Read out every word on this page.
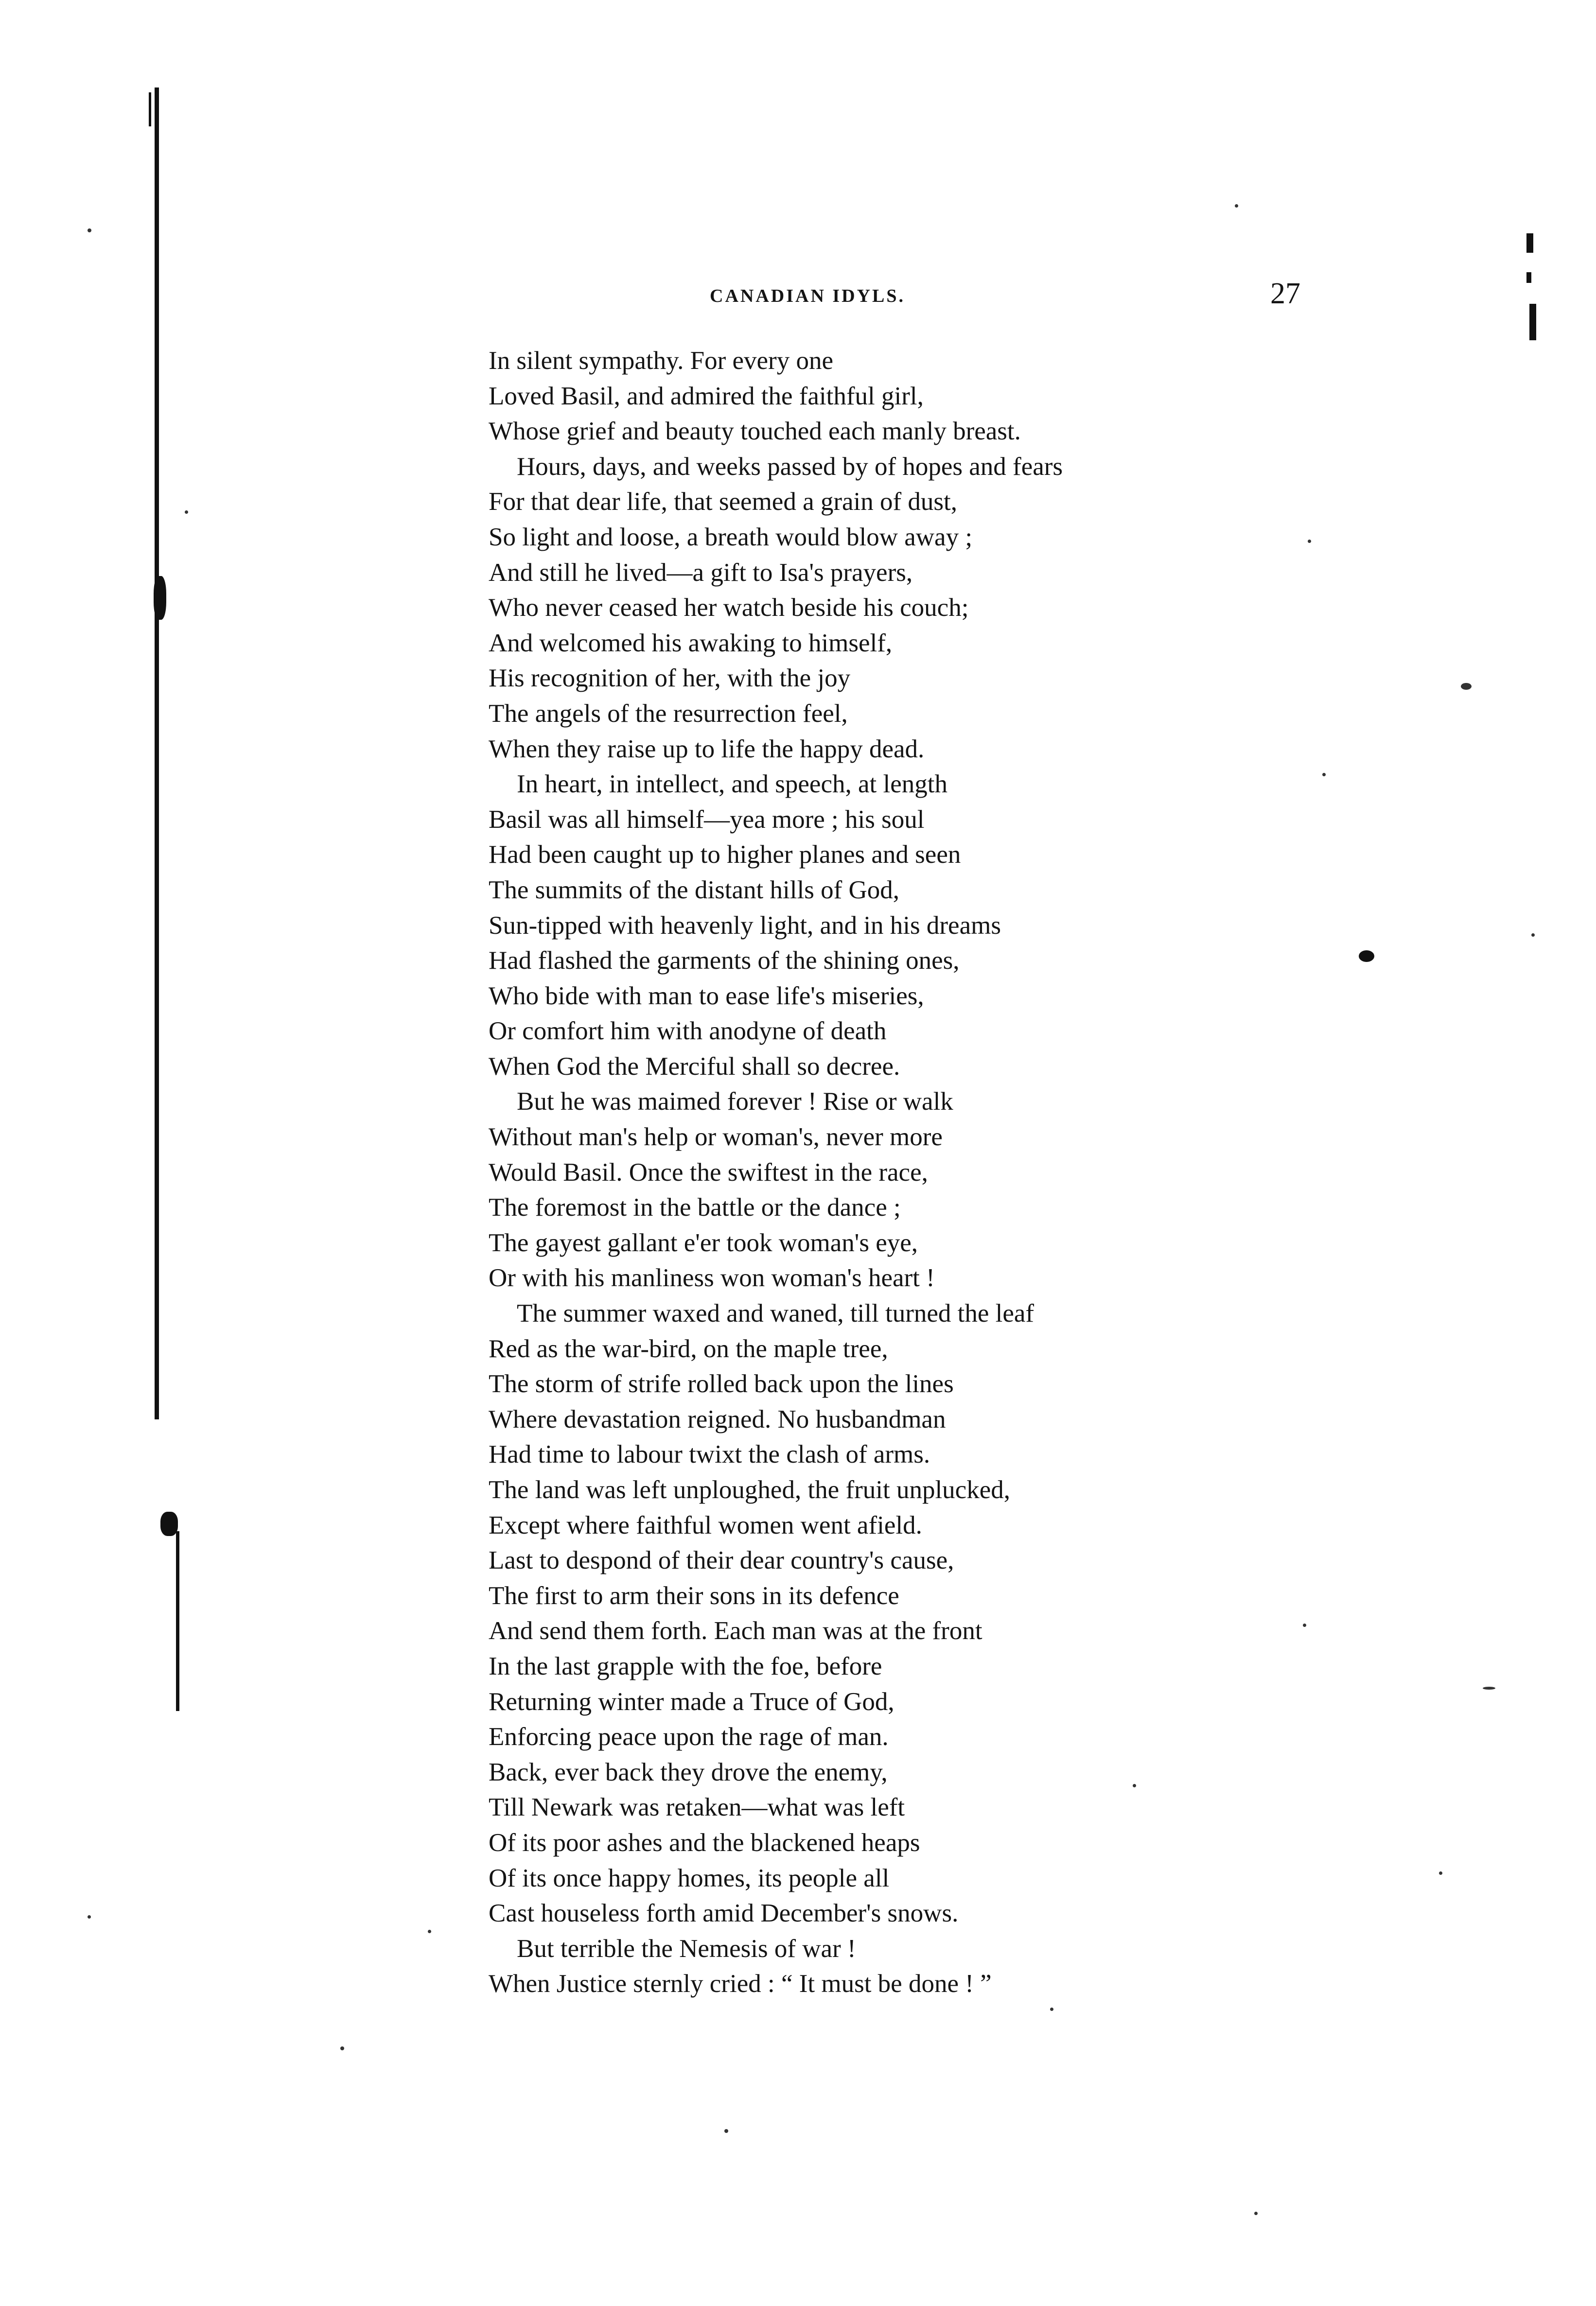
CANADIAN IDYLS.	27
In silent sympathy. For every one
Loved Basil, and admired the faithful girl,
Whose grief and beauty touched each manly breast.
Hours, days, and weeks passed by of hopes and fears
For that dear life, that seemed a grain of dust,
So light and loose, a breath would blow away ;
And still he lived—a gift to Isa's prayers,
Who never ceased her watch beside his couch;
And welcomed his awaking to himself,
His recognition of her, with the joy
The angels of the resurrection feel,
When they raise up to life the happy dead.
In heart, in intellect, and speech, at length
Basil was all himself—yea more ; his soul
Had been caught up to higher planes and seen
The summits of the distant hills of God,
Sun-tipped with heavenly light, and in his dreams
Had flashed the garments of the shining ones,
Who bide with man to ease life's miseries,
Or comfort him with anodyne of death
When God the Merciful shall so decree.
But he was maimed forever ! Rise or walk
Without man's help or woman's, never more
Would Basil. Once the swiftest in the race,
The foremost in the battle or the dance ;
The gayest gallant e'er took woman's eye,
Or with his manliness won woman's heart !
The summer waxed and waned, till turned the leaf
Red as the war-bird, on the maple tree,
The storm of strife rolled back upon the lines
Where devastation reigned. No husbandman
Had time to labour twixt the clash of arms.
The land was left unploughed, the fruit unplucked,
Except where faithful women went afield.
Last to despond of their dear country's cause,
The first to arm their sons in its defence
And send them forth. Each man was at the front
In the last grapple with the foe, before
Returning winter made a Truce of God,
Enforcing peace upon the rage of man.
Back, ever back they drove the enemy,
Till Newark was retaken—what was left
Of its poor ashes and the blackened heaps
Of its once happy homes, its people all
Cast houseless forth amid December's snows.
But terrible the Nemesis of war !
When Justice sternly cried : “ It must be done ! ”
